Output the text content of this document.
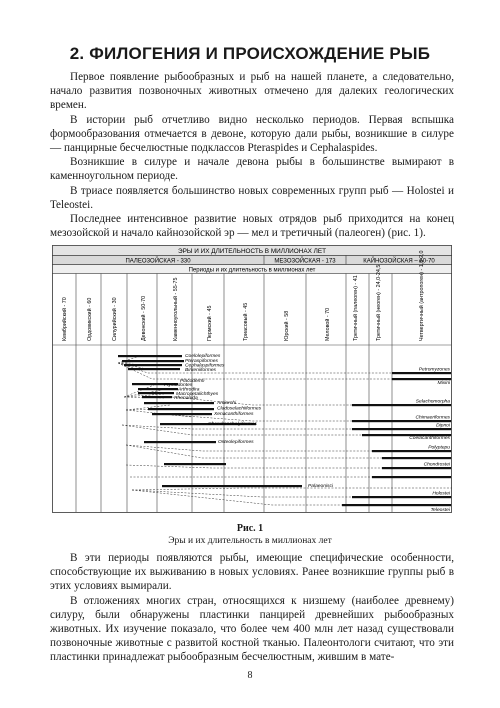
2. ФИЛОГЕНИЯ И ПРОИСХОЖДЕНИЕ РЫБ

Первое появление рыбообразных и рыб на нашей планете, а следовательно, начало развития позвоночных животных отмечено для далеких геологических времен.

В истории рыб отчетливо видно несколько периодов. Первая вспышка формообразования отмечается в девоне, которую дали рыбы, возникшие в силуре — панцирные бесчелюстные подклассов Pteraspides и Cephalaspides.

Возникшие в силуре и начале девона рыбы в большинстве вымирают в каменноугольном периоде.

В триасе появляется большинство новых современных групп рыб — Holostei и Teleostei.

Последнее интенсивное развитие новых отрядов рыб приходится на конец мезозойской и начало кайнозойской эр — мел и третичный (палеоген) (рис. 1).

ЭРЫ И ИХ ДЛИТЕЛЬНОСТЬ В МИЛЛИОНАХ ЛЕТ
ПАЛЕОЗОЙСКАЯ - 330	МЕЗОЗОЙСКАЯ - 173	КАЙНОЗОЙСКАЯ – 60-70
Периоды и их длительность в миллионах лет
Кембрийский - 70	Ордовикский - 60	Силурийский - 30	Девонский - 50-70	Каменноугольный - 55-75	Пермский - 45	Триасовый - 45	Юрский - 58	Меловой - 70	Третичный (палеоген) - 41	Третичный (неоген) - 24,0-24,5	Четвертичный (антропоген) - 1,5-2,0
Coelolepiformes
Pteraspiformes
Cephalaspiformes
Birkeniiformes
Placodermi
Ptyctodontes
Arthrodira
Macropetalichthyes
Rhenanida
Antiarchi
Cladoselachiiformes
Xenacanthiformes
Chondrenchelyiformes
Osteolepiformes
Palaeonisci
Petromyzones
Mixini
Selachomorpha
Chimaeriformes
Dipnoi
Coelacanthiformes
Polyptери
Chondrostei
Holostei
Teleostei
Рис. 1
Эры и их длительность в миллионах лет

В эти периоды появляются рыбы, имеющие специфические особенности, способствующие их выживанию в новых условиях. Ранее возникшие группы рыб в этих условиях вымирали.

В отложениях многих стран, относящихся к низшему (наиболее древнему) силуру, были обнаружены пластинки панцирей древнейших рыбообразных животных. Их изучение показало, что более чем 400 млн лет назад существовали позвоночные животные с развитой костной тканью. Палеонтологи считают, что эти пластинки принадлежат рыбообразным бесчелюстным, жившим в мате-

8
